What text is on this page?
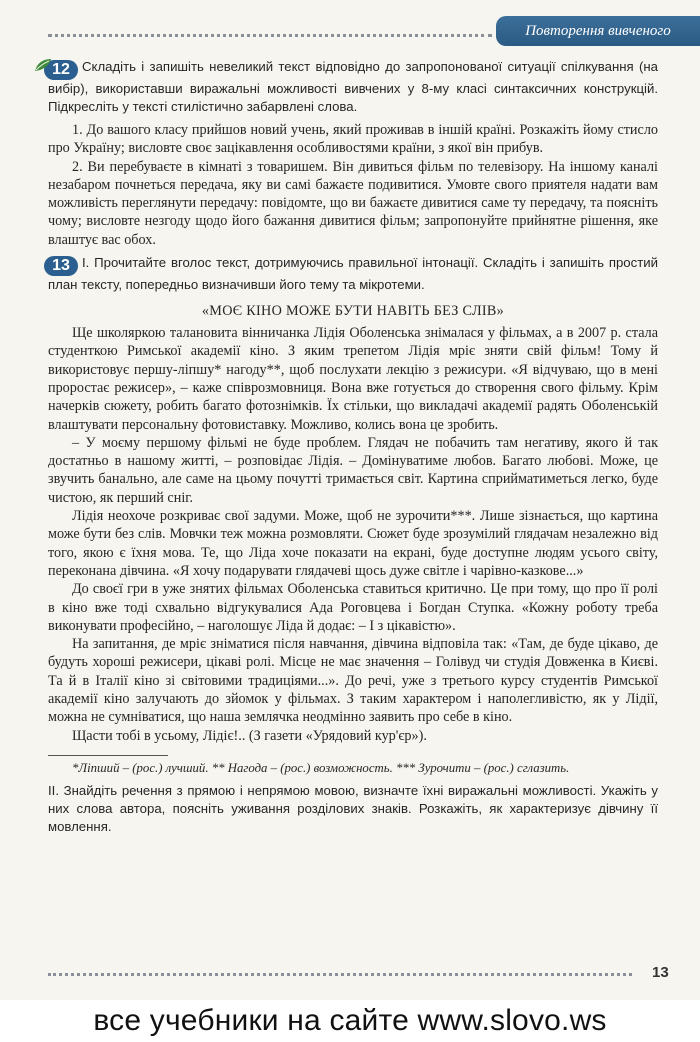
Повторення вивченого

12 Складіть і запишіть невеликий текст відповідно до запропонованої ситуації спілкування (на вибір), використавши виражальні можливості вивчених у 8-му класі синтаксичних конструкцій. Підкресліть у тексті стилістично забарвлені слова.

1. До вашого класу прийшов новий учень, який проживав в іншій країні. Розкажіть йому стисло про Україну; висловте своє зацікавлення особливостями країни, з якої він прибув.

2. Ви перебуваєте в кімнаті з товаришем. Він дивиться фільм по телевізору. На іншому каналі незабаром почнеться передача, яку ви самі бажаєте подивитися. Умовте свого приятеля надати вам можливість переглянути передачу: повідомте, що ви бажаєте дивитися саме ту передачу, та поясніть чому; висловте незгоду щодо його бажання дивитися фільм; запропонуйте прийнятне рішення, яке влаштує вас обох.

13 І. Прочитайте вголос текст, дотримуючись правильної інтонації. Складіть і запишіть простий план тексту, попередньо визначивши його тему та мікротеми.

«МОЄ КІНО МОЖЕ БУТИ НАВІТЬ БЕЗ СЛІВ»

Ще школяркою талановита вінничанка Лідія Оболенська знімалася у фільмах, а в 2007 р. стала студенткою Римської академії кіно. З яким трепетом Лідія мріє зняти свій фільм! Тому й використовує першу-ліпшу* нагоду**, щоб послухати лекцію з режисури. «Я відчуваю, що в мені проростає режисер», – каже співрозмовниця. Вона вже готується до створення свого фільму. Крім начерків сюжету, робить багато фотознімків. Їх стільки, що викладачі академії радять Оболенській влаштувати персональну фотовиставку. Можливо, колись вона це зробить.

– У моєму першому фільмі не буде проблем. Глядач не побачить там негативу, якого й так достатньо в нашому житті, – розповідає Лідія. – Домінуватиме любов. Багато любові. Може, це звучить банально, але саме на цьому почутті тримається світ. Картина сприйматиметься легко, буде чистою, як перший сніг.

Лідія неохоче розкриває свої задуми. Може, щоб не зурочити***. Лише зізнається, що картина може бути без слів. Мовчки теж можна розмовляти. Сюжет буде зрозумілий глядачам незалежно від того, якою є їхня мова. Те, що Ліда хоче показати на екрані, буде доступне людям усього світу, переконана дівчина. «Я хочу подарувати глядачеві щось дуже світле і чарівно-казкове...»

До своєї гри в уже знятих фільмах Оболенська ставиться критично. Це при тому, що про її ролі в кіно вже тоді схвально відгукувалися Ада Роговцева і Богдан Ступка. «Кожну роботу треба виконувати професійно, – наголошує Ліда й додає: – І з цікавістю».

На запитання, де мріє зніматися після навчання, дівчина відповіла так: «Там, де буде цікаво, де будуть хороші режисери, цікаві ролі. Місце не має значення – Голівуд чи студія Довженка в Києві. Та й в Італії кіно зі світовими традиціями...». До речі, уже з третього курсу студентів Римської академії кіно залучають до зйомок у фільмах. З таким характером і наполегливістю, як у Лідії, можна не сумніватися, що наша землячка неодмінно заявить про себе в кіно.

Щасти тобі в усьому, Лідіє!.. (З газети «Урядовий кур'єр»).

*Ліпший – (рос.) лучший. ** Нагода – (рос.) возможность. *** Зурочити – (рос.) сглазить.

ІІ. Знайдіть речення з прямою і непрямою мовою, визначте їхні виражальні можливості. Укажіть у них слова автора, поясніть уживання розділових знаків. Розкажіть, як характеризує дівчину її мовлення.

13
все учебники на сайте www.slovo.ws
